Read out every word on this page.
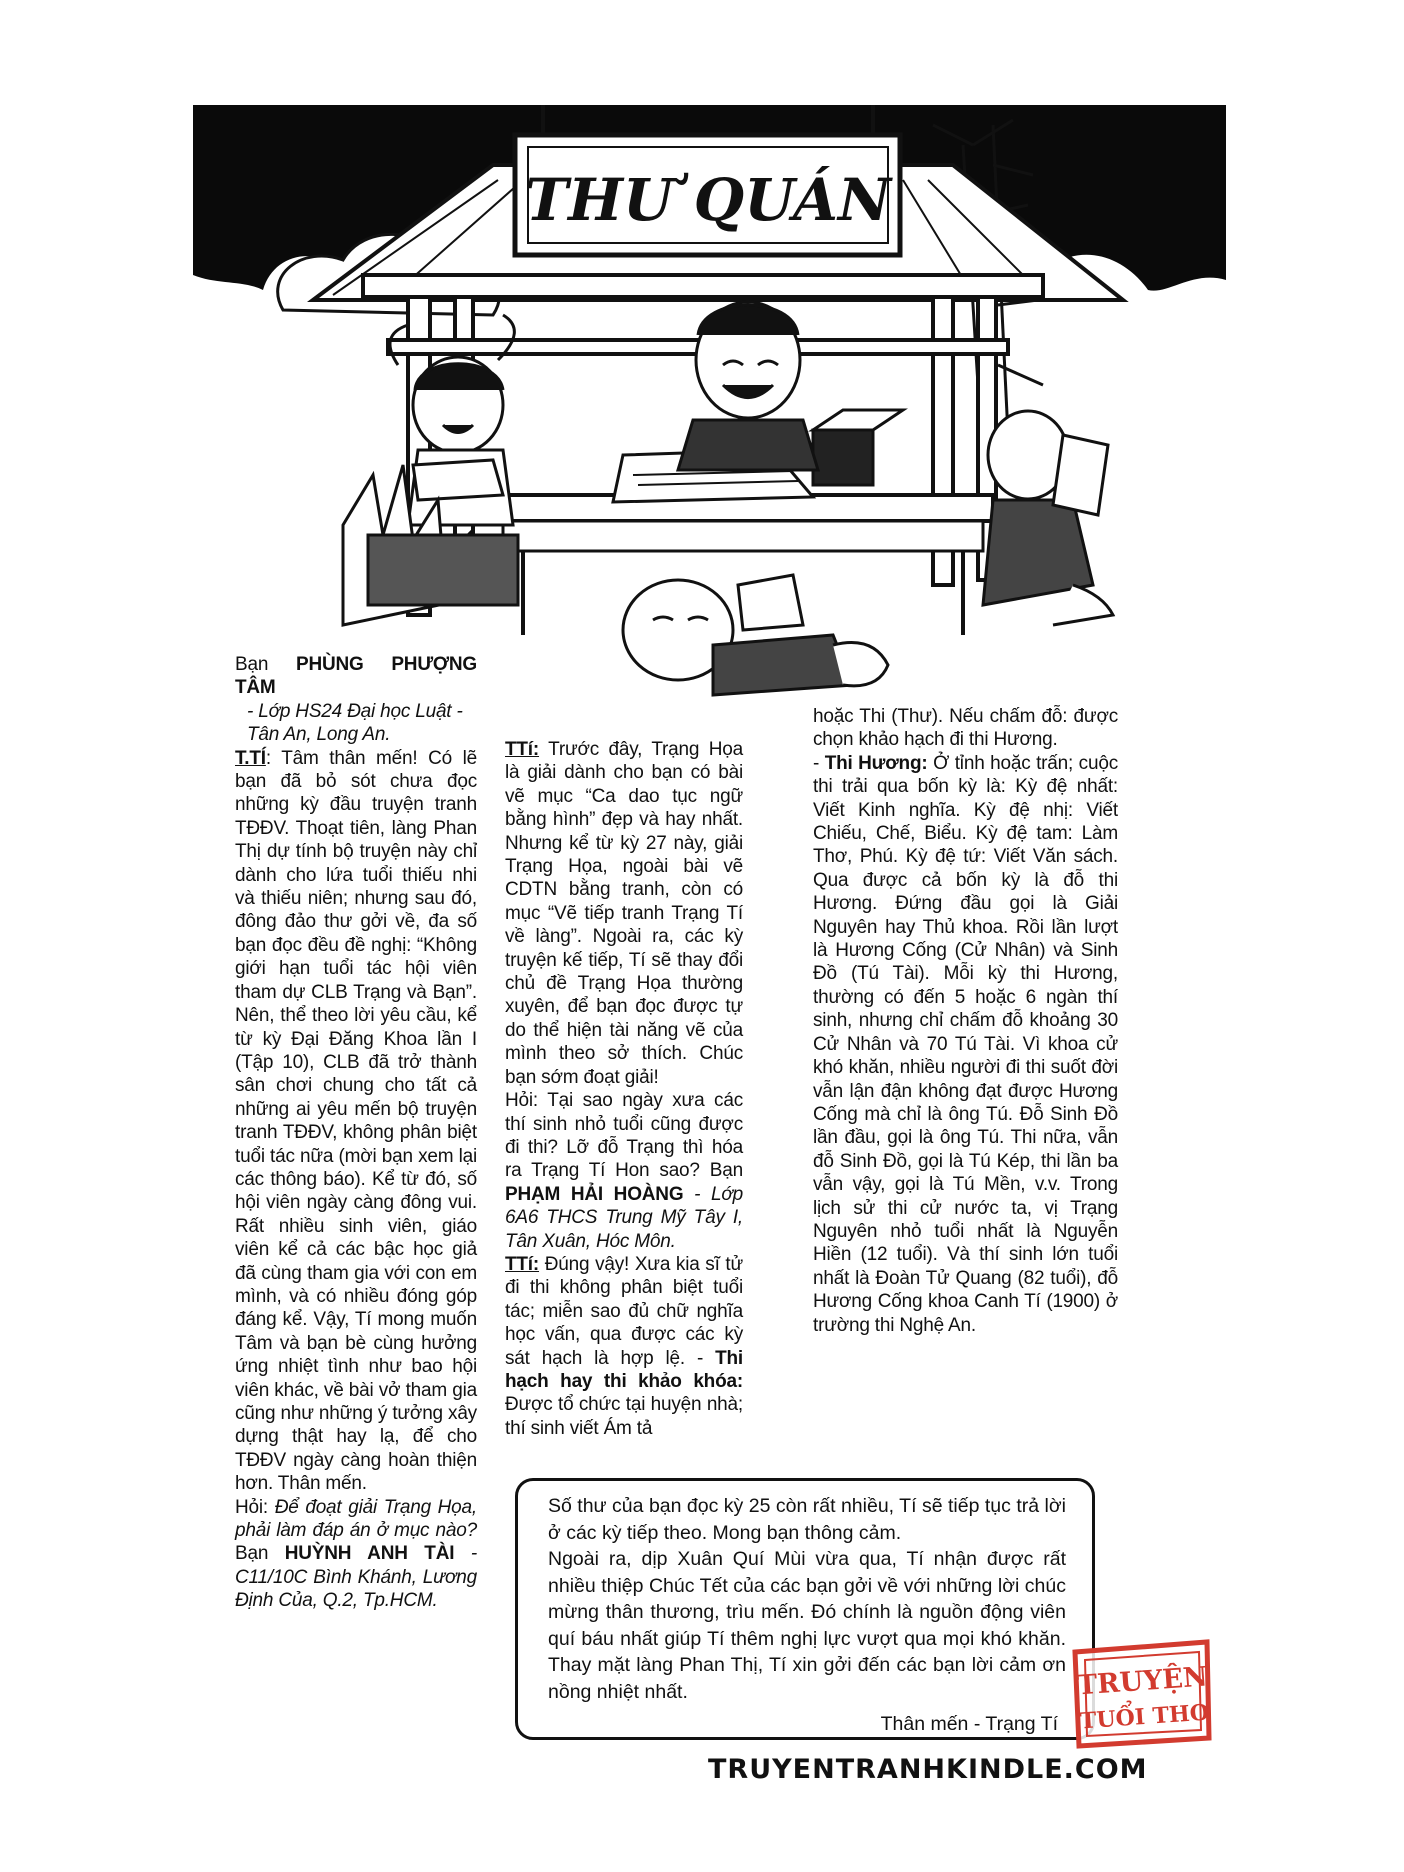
THƯ QUÁN

Bạn PHÙNG PHƯỢNG TÂM

- Lớp HS24 Đại học Luật - Tân An, Long An.

T.TÍ: Tâm thân mến! Có lẽ bạn đã bỏ sót chưa đọc những kỳ đầu truyện tranh TĐĐV. Thoạt tiên, làng Phan Thị dự tính bộ truyện này chỉ dành cho lứa tuổi thiếu nhi và thiếu niên; nhưng sau đó, đông đảo thư gởi về, đa số bạn đọc đều đề nghị: “Không giới hạn tuổi tác hội viên tham dự CLB Trạng và Bạn”. Nên, thể theo lời yêu cầu, kể từ kỳ Đại Đăng Khoa lần I (Tập 10), CLB đã trở thành sân chơi chung cho tất cả những ai yêu mến bộ truyện tranh TĐĐV, không phân biệt tuổi tác nữa (mời bạn xem lại các thông báo). Kể từ đó, số hội viên ngày càng đông vui. Rất nhiều sinh viên, giáo viên kể cả các bậc học giả đã cùng tham gia với con em mình, và có nhiều đóng góp đáng kể. Vậy, Tí mong muốn Tâm và bạn bè cùng hưởng ứng nhiệt tình như bao hội viên khác, về bài vở tham gia cũng như những ý tưởng xây dựng thật hay lạ, để cho TĐĐV ngày càng hoàn thiện hơn. Thân mến.

Hỏi: Để đoạt giải Trạng Họa, phải làm đáp án ở mục nào? Bạn HUỲNH ANH TÀI - C11/10C Bình Khánh, Lương Định Của, Q.2, Tp.HCM.

TTí: Trước đây, Trạng Họa là giải dành cho bạn có bài vẽ mục “Ca dao tục ngữ bằng hình” đẹp và hay nhất. Nhưng kể từ kỳ 27 này, giải Trạng Họa, ngoài bài vẽ CDTN bằng tranh, còn có mục “Vẽ tiếp tranh Trạng Tí về làng”. Ngoài ra, các kỳ truyện kế tiếp, Tí sẽ thay đổi chủ đề Trạng Họa thường xuyên, để bạn đọc được tự do thể hiện tài năng vẽ của mình theo sở thích. Chúc bạn sớm đoạt giải!

Hỏi: Tại sao ngày xưa các thí sinh nhỏ tuổi cũng được đi thi? Lỡ đỗ Trạng thì hóa ra Trạng Tí Hon sao? Bạn PHẠM HẢI HOÀNG - Lớp 6A6 THCS Trung Mỹ Tây I, Tân Xuân, Hóc Môn.

TTí: Đúng vậy! Xưa kia sĩ tử đi thi không phân biệt tuổi tác; miễn sao đủ chữ nghĩa học vấn, qua được các kỳ sát hạch là hợp lệ. - Thi hạch hay thi khảo khóa: Được tổ chức tại huyện nhà; thí sinh viết Ám tả

hoặc Thi (Thư). Nếu chấm đỗ: được chọn khảo hạch đi thi Hương.

- Thi Hương: Ở tỉnh hoặc trấn; cuộc thi trải qua bốn kỳ là: Kỳ đệ nhất: Viết Kinh nghĩa. Kỳ đệ nhị: Viết Chiếu, Chế, Biểu. Kỳ đệ tam: Làm Thơ, Phú. Kỳ đệ tứ: Viết Văn sách. Qua được cả bốn kỳ là đỗ thi Hương. Đứng đầu gọi là Giải Nguyên hay Thủ khoa. Rồi lần lượt là Hương Cống (Cử Nhân) và Sinh Đồ (Tú Tài). Mỗi kỳ thi Hương, thường có đến 5 hoặc 6 ngàn thí sinh, nhưng chỉ chấm đỗ khoảng 30 Cử Nhân và 70 Tú Tài. Vì khoa cử khó khăn, nhiều người đi thi suốt đời vẫn lận đận không đạt được Hương Cống mà chỉ là ông Tú. Đỗ Sinh Đồ lần đầu, gọi là ông Tú. Thi nữa, vẫn đỗ Sinh Đồ, gọi là Tú Kép, thi lần ba vẫn vậy, gọi là Tú Mền, v.v. Trong lịch sử thi cử nước ta, vị Trạng Nguyên nhỏ tuổi nhất là Nguyễn Hiền (12 tuổi). Và thí sinh lớn tuổi nhất là Đoàn Tử Quang (82 tuổi), đỗ Hương Cống khoa Canh Tí (1900) ở trường thi Nghệ An.

Số thư của bạn đọc kỳ 25 còn rất nhiều, Tí sẽ tiếp tục trả lời ở các kỳ tiếp theo. Mong bạn thông cảm.

Ngoài ra, dịp Xuân Quí Mùi vừa qua, Tí nhận được rất nhiều thiệp Chúc Tết của các bạn gởi về với những lời chúc mừng thân thương, trìu mến. Đó chính là nguồn động viên quí báu nhất giúp Tí thêm nghị lực vượt qua mọi khó khăn. Thay mặt làng Phan Thị, Tí xin gởi đến các bạn lời cảm ơn nồng nhiệt nhất.

Thân mến - Trạng Tí

TRUYỆN
TUỔI THƠ
TRUYENTRANHKINDLE.COM
